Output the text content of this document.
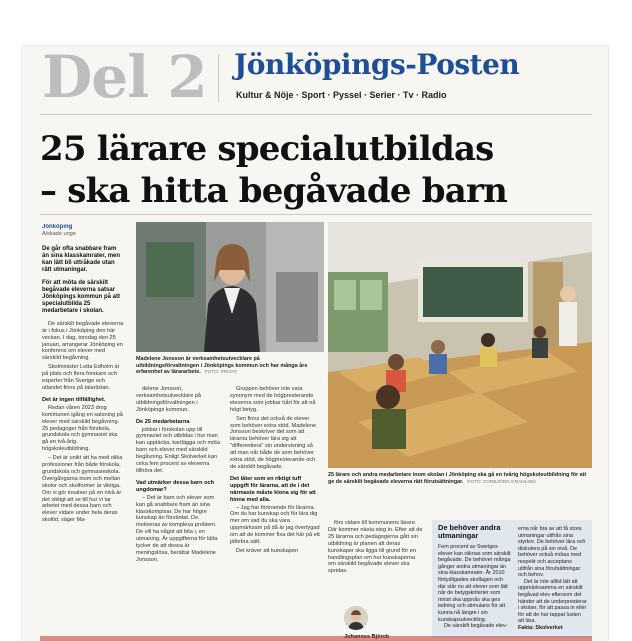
Del 2 Jönköpings-Posten
Kultur & Nöje · Sport · Pyssel · Serier · Tv · Radio
25 lärare specialutbildas
– ska hitta begåvade barn
Jönköping
Alskade unge
De går ofta snabbare fram än sina klasskamrater, men kan lätt bli uttråkade utan rätt utmaningar.
För att möta de särskilt begåvade eleverna satsar Jönköpings kommun på att specialutbilda 25 medarbetare i skolan.

De särskilt begåvade eleverna är i fokus i Jönköping den här veckan. I dag, torsdag den 25 januari, arrangerar Jönköping en konferens om elever med särskild begåvning.

Skolminister Lotta Edholm är på plats och flera forskare och experter från Sverige och utlandet finns på talarlistan.

Det är ingen tillfällighet.

Redan våren 2023 drog kommunen igång en satsning på elever med särskild begåvning. 25 pedagoger från förskola, grundskola och gymnasiet ska gå en två-årig högskoleutbildning.

– Det är unikt att ha med olika professioner från både förskola, grundskola och gymnasieskola. Övergångarna inom och mellan skolor och skolformer är viktiga. Om vi gör insatser på en nivå är det viktigt att se till hur vi tar arbetet med dessa barn och elever vidare under hela deras skoltid, säger Ma-

Madelene Jonsson är verksamhetsutvecklare på utbildningsförvaltningen i Jönköpings kommun och har många års erfarenhet av lärararbete. FOTO: PRIVAT
25 lärare och andra medarbetare inom skolan i Jönköping ska gå en tvårig högskoleutbildning för att ge de särskilt begåvade eleverna rätt förutsättningar. FOTO: TORBJÖRN GRANLING

delene Jonsson, verksamhetsutvecklare på utbildningsförvaltningen i Jönköpings kommun.

De 25 medarbetarna

jobbar i förskolan upp till gymnasiet och utbildas i hur man kan upptäcka, kartlägga och möta barn och elever med särskild begåvning. Enligt Skolverket kan cirka fem procent av eleverna tillhöra det.

Vad utmärker dessa barn och ungdomar?

– Det är barn och elever som kan gå snabbare fram än sina klasskompisar. De har högre kunskap än förväntat. De motiveras av komplexa problem. De vill ha något att bita i, en utmaning. Är uppgifterna för lätta tycker de att dessa är meningslösa, berättar Madelene Jonsson.

Gruppen behöver inte vara synonym med de högpresterande eleverna som jobbar hårt för att nå högt betyg.

Sen finns det också de elever som behöver extra stöd. Madelene Jonsson beskriver det som att lärarna behöver lära sig att "differentiera" sin undervisning så att man når både de som behöver extra stöd, de högpresterande och de särskilt begåvade.

Det låter som en riktigt tuff uppgift för lärarna, att de i det närmaste måste klona sig för att hinna med alla.

– Jag har förtroende för lärarna. Om du har kunskap och för lära dig mer om vad du ska vara uppmärksam på då är jag övertygad om att de kommer fixa det här på ett jättebra sätt.

Det kräver att kunskapen

förs vidare till kommunens lärare. Där kommer nästa steg in. Efter att de 25 lärarna och pedagogerna gått sin utbildning är planen att deras kunskaper ska ligga till grund för en handlingsplan om hur kunskaperna om särskild begåvade elever ska spridas.

De behöver andra utmaningar
Fem procent av Sveriges elever kan räknas som särskilt begåvade. De behöver många gånger andra utmaningar än sina klasskamrater. År 2010 förtydligades skollagen och där står nu att elever som lätt når de betygskriterier som minst ska uppnås ska ges ledning och stimulans för att kunna nå längre i sin kunskapsutveckling.
De särskilt begåvade elev-
erna når bra av att få stora utmaningar utifrån sina styrkor. De behöver lära och diskutera på sin nivå. De behöver också mötas med respekt och acceptans utifrån sina förutsättningar och behov.
Det är inte alltid lätt att uppmärksamma en särskilt begåvad elev eftersom det händer att de underpresterar i skolan, för att passa in eller för att de har tappat lusten att lära.
Fakta: Skolverket
